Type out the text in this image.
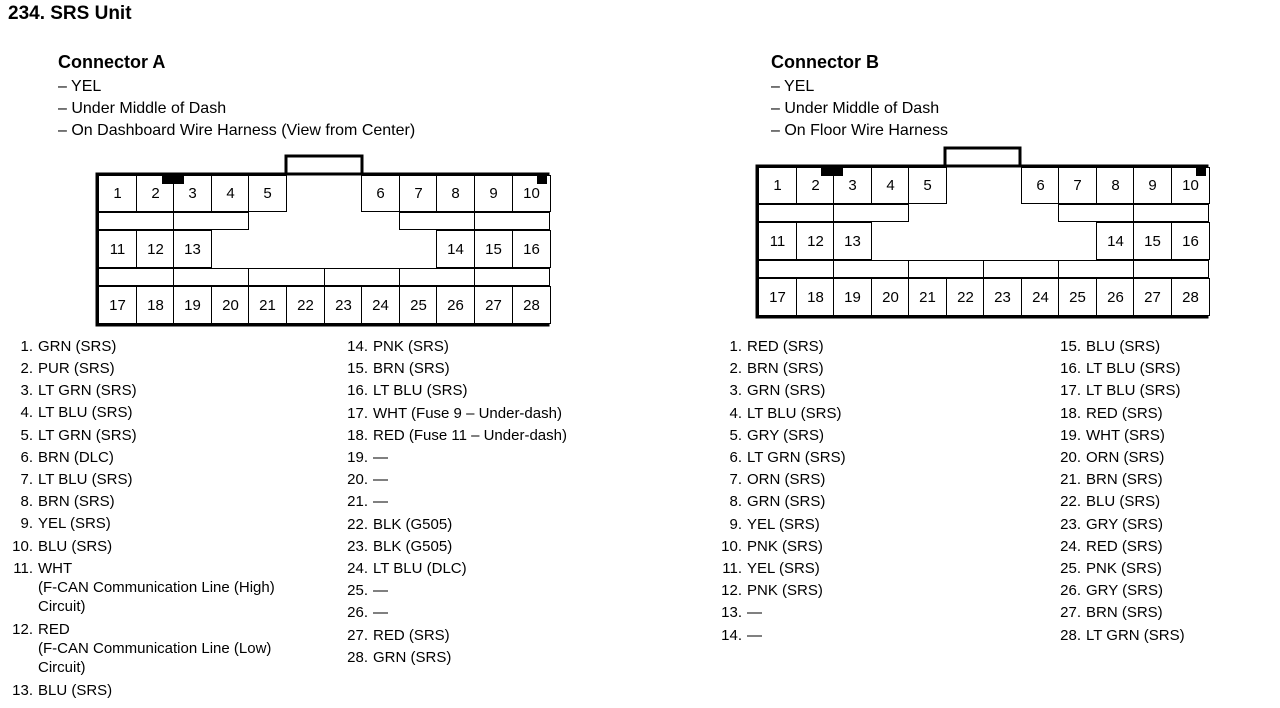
234. SRS Unit
Connector A
– YEL
– Under Middle of Dash
– On Dashboard Wire Harness (View from Center)
Connector B
– YEL
– Under Middle of Dash
– On Floor Wire Harness
1	2	3	4	5	6	7	8	9	10
11	12	13	14	15	16
17	18	19	20	21	22	23	24	25	26	27	28
1	2	3	4	5	6	7	8	9	10
11	12	13	14	15	16
17	18	19	20	21	22	23	24	25	26	27	28
1. GRN (SRS)
2. PUR (SRS)
3. LT GRN (SRS)
4. LT BLU (SRS)
5. LT GRN (SRS)
6. BRN (DLC)
7. LT BLU (SRS)
8. BRN (SRS)
9. YEL (SRS)
10. BLU (SRS)
11. WHT
(F-CAN Communication Line (High)
Circuit)
12. RED
(F-CAN Communication Line (Low)
Circuit)
13. BLU (SRS)
14. PNK (SRS)
15. BRN (SRS)
16. LT BLU (SRS)
17. WHT (Fuse 9 – Under-dash)
18. RED (Fuse 11 – Under-dash)
19. —
20. —
21. —
22. BLK (G505)
23. BLK (G505)
24. LT BLU (DLC)
25. —
26. —
27. RED (SRS)
28. GRN (SRS)
1. RED (SRS)
2. BRN (SRS)
3. GRN (SRS)
4. LT BLU (SRS)
5. GRY (SRS)
6. LT GRN (SRS)
7. ORN (SRS)
8. GRN (SRS)
9. YEL (SRS)
10. PNK (SRS)
11. YEL (SRS)
12. PNK (SRS)
13. —
14. —
15. BLU (SRS)
16. LT BLU (SRS)
17. LT BLU (SRS)
18. RED (SRS)
19. WHT (SRS)
20. ORN (SRS)
21. BRN (SRS)
22. BLU (SRS)
23. GRY (SRS)
24. RED (SRS)
25. PNK (SRS)
26. GRY (SRS)
27. BRN (SRS)
28. LT GRN (SRS)
